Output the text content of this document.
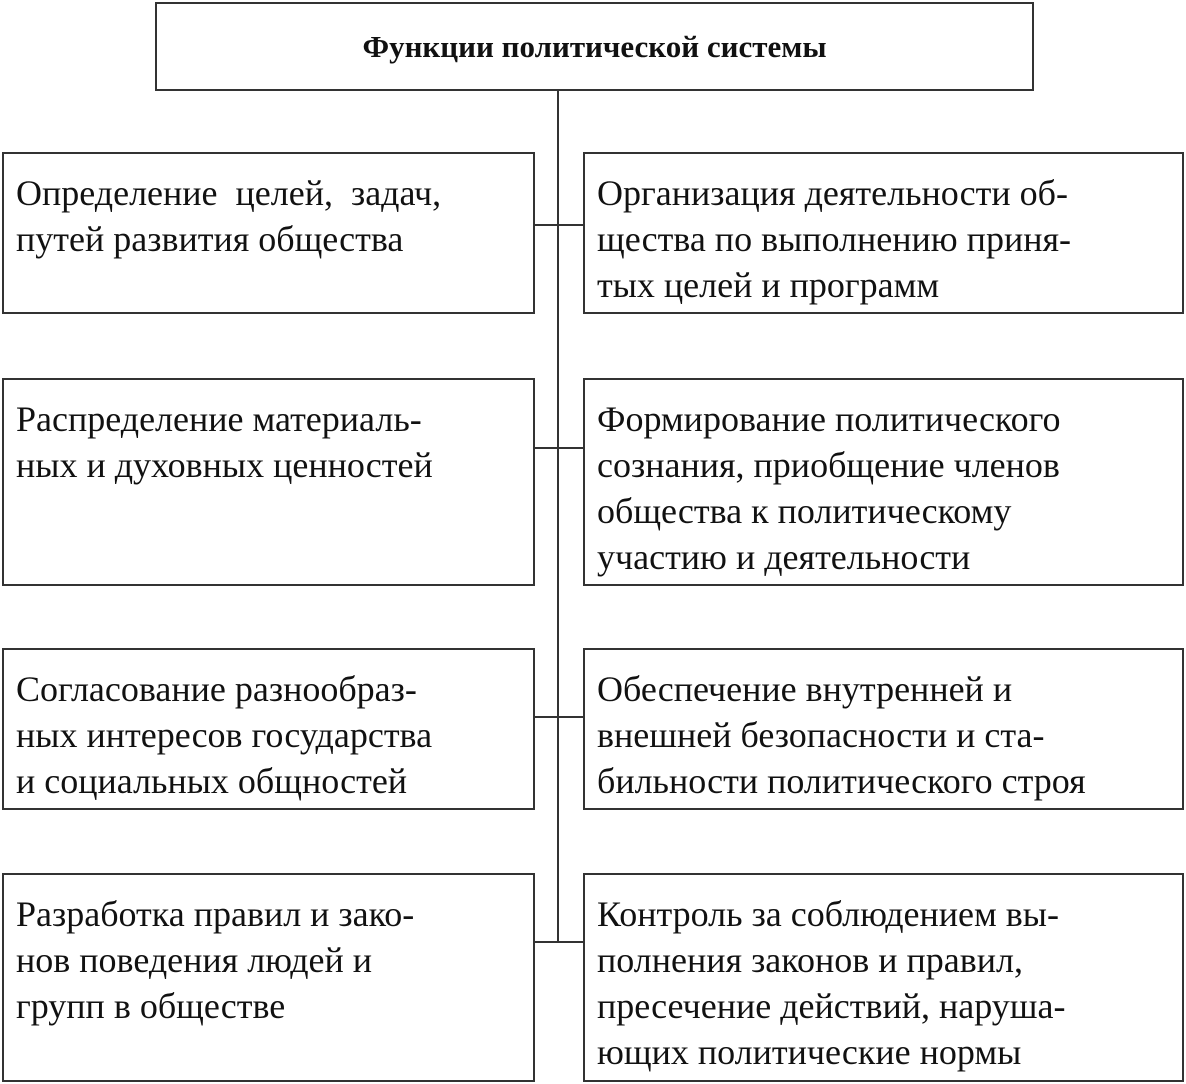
Функции политической системы
Определение  целей,  задач,
путей развития общества
Распределение материаль-
ных и духовных ценностей
Согласование разнообраз-
ных интересов государства
и социальных общностей
Разработка правил и зако-
нов поведения людей и
групп в обществе
Организация деятельности об-
щества по выполнению приня-
тых целей и программ
Формирование политического
сознания, приобщение членов
общества к политическому
участию и деятельности
Обеспечение внутренней и
внешней безопасности и ста-
бильности политического строя
Контроль за соблюдением вы-
полнения законов и правил,
пресечение действий, наруша-
ющих политические нормы
